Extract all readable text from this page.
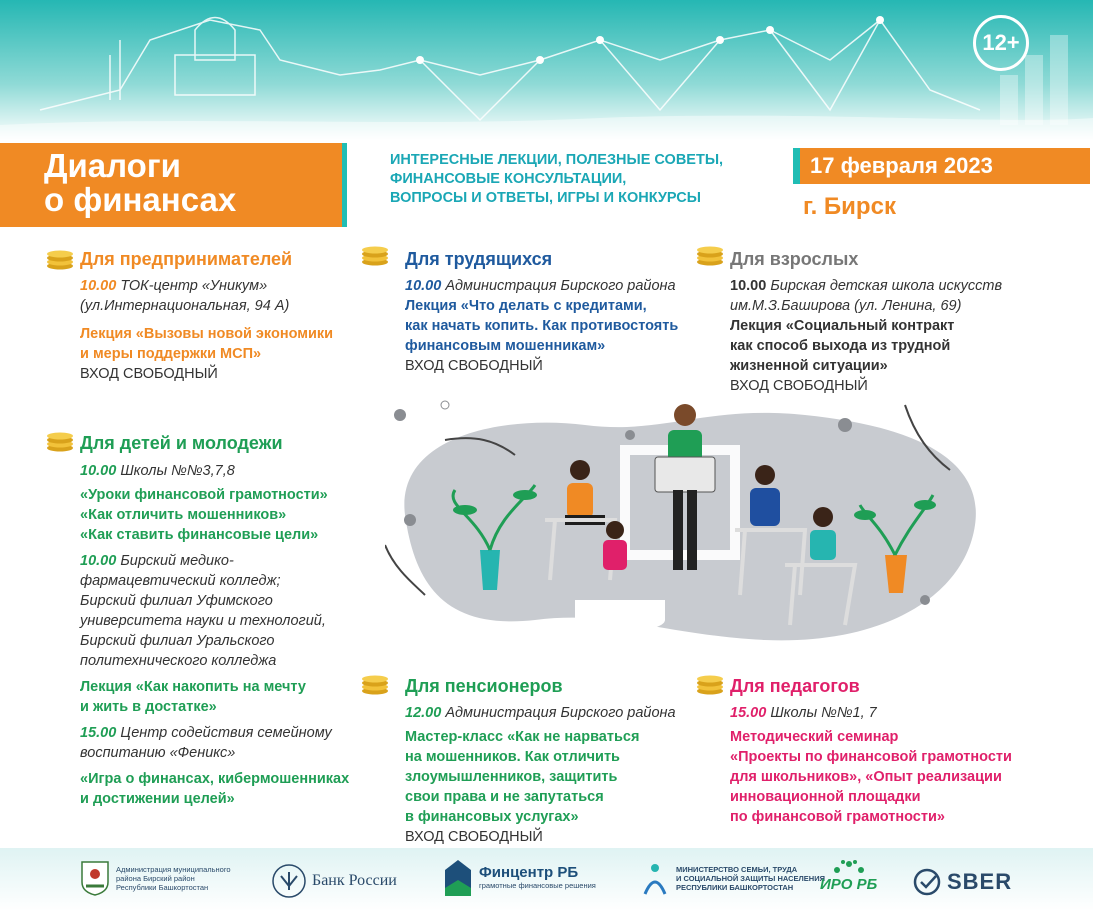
12+
Диалоги
о финансах
ИНТЕРЕСНЫЕ ЛЕКЦИИ, ПОЛЕЗНЫЕ СОВЕТЫ,
ФИНАНСОВЫЕ КОНСУЛЬТАЦИИ,
ВОПРОСЫ И ОТВЕТЫ, ИГРЫ И КОНКУРСЫ
17 февраля 2023
г. Бирск
Для предпринимателей
10.00 ТОК-центр «Уникум»
(ул.Интернациональная, 94 А)
Лекция «Вызовы новой экономики
и меры поддержки МСП»
ВХОД СВОБОДНЫЙ
Для трудящихся
10.00 Администрация Бирского района
Лекция «Что делать с кредитами,
как начать копить. Как противостоять
финансовым мошенникам»
ВХОД СВОБОДНЫЙ
Для взрослых
10.00 Бирская детская школа искусств
им.М.З.Баширова (ул. Ленина, 69)
Лекция «Социальный контракт
как способ выхода из трудной
жизненной ситуации»
ВХОД СВОБОДНЫЙ
Для детей и молодежи
10.00 Школы №№3,7,8
«Уроки финансовой грамотности»
«Как отличить мошенников»
«Как ставить финансовые цели»
10.00 Бирский медико-
фармацевтический колледж;
Бирский филиал Уфимского
университета науки и технологий,
Бирский филиал Уральского
политехнического колледжа
Лекция «Как накопить на мечту
и жить в достатке»
15.00 Центр содействия семейному
воспитанию «Феникс»
«Игра о финансах, кибермошенниках
и достижении целей»
Для пенсионеров
12.00 Администрация Бирского района
Мастер-класс «Как не нарваться
на мошенников. Как отличить
злоумышленников, защитить
свои права и не запутаться
в финансовых услугах»
ВХОД СВОБОДНЫЙ
Для педагогов
15.00 Школы №№1, 7
Методический семинар
«Проекты по финансовой грамотности
для школьников», «Опыт реализации
инновационной площадки
по финансовой грамотности»
Администрация муниципального
района Бирский район
Республики Башкортостан	Банк России	Финцентр РБ
грамотные финансовые решения
МИНИСТЕРСТВО СЕМЬИ, ТРУДА
И СОЦИАЛЬНОЙ ЗАЩИТЫ НАСЕЛЕНИЯ
РЕСПУБЛИКИ БАШКОРТОСТАН	ИРО РБ	SBER
